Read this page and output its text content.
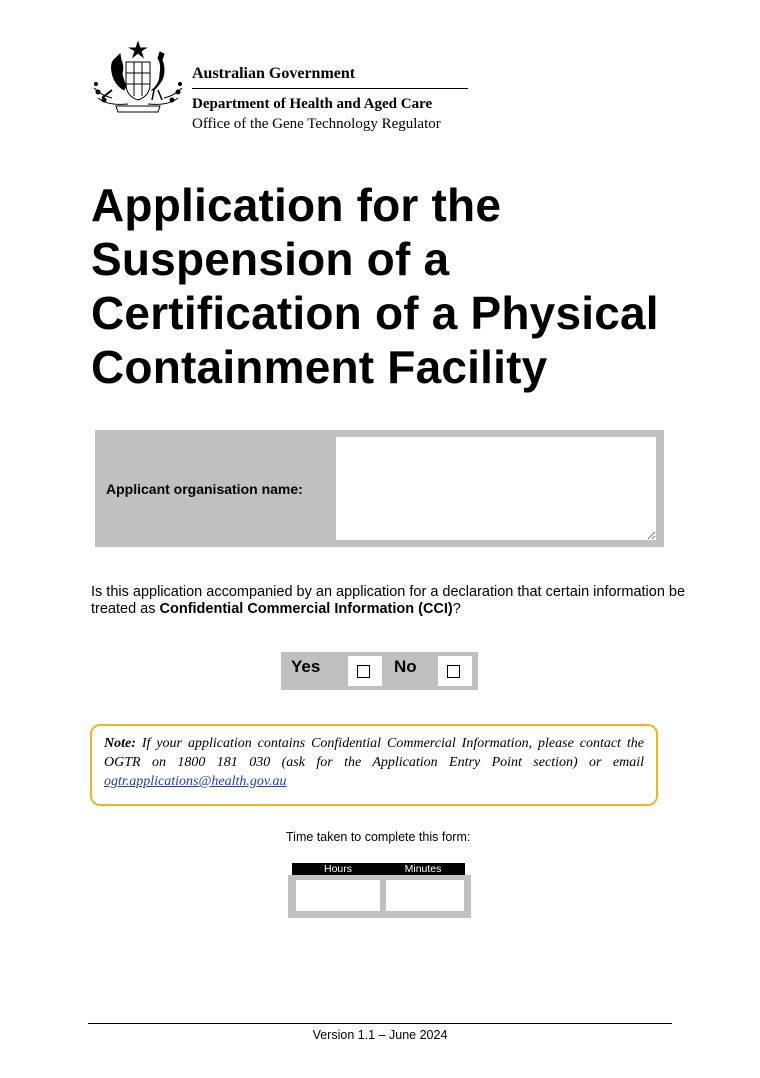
Australian Government
Department of Health and Aged Care
Office of the Gene Technology Regulator
Application for the
Suspension of a
Certification of a Physical
Containment Facility
Applicant organisation name:
Is this application accompanied by an application for a declaration that certain information be treated as Confidential Commercial Information (CCI)?
Yes	No
Note: If your application contains Confidential Commercial Information, please contact the OGTR on 1800 181 030 (ask for the Application Entry Point section) or email ogtr.applications@health.gov.au
Time taken to complete this form:
Hours	Minutes
Version 1.1 – June 2024
